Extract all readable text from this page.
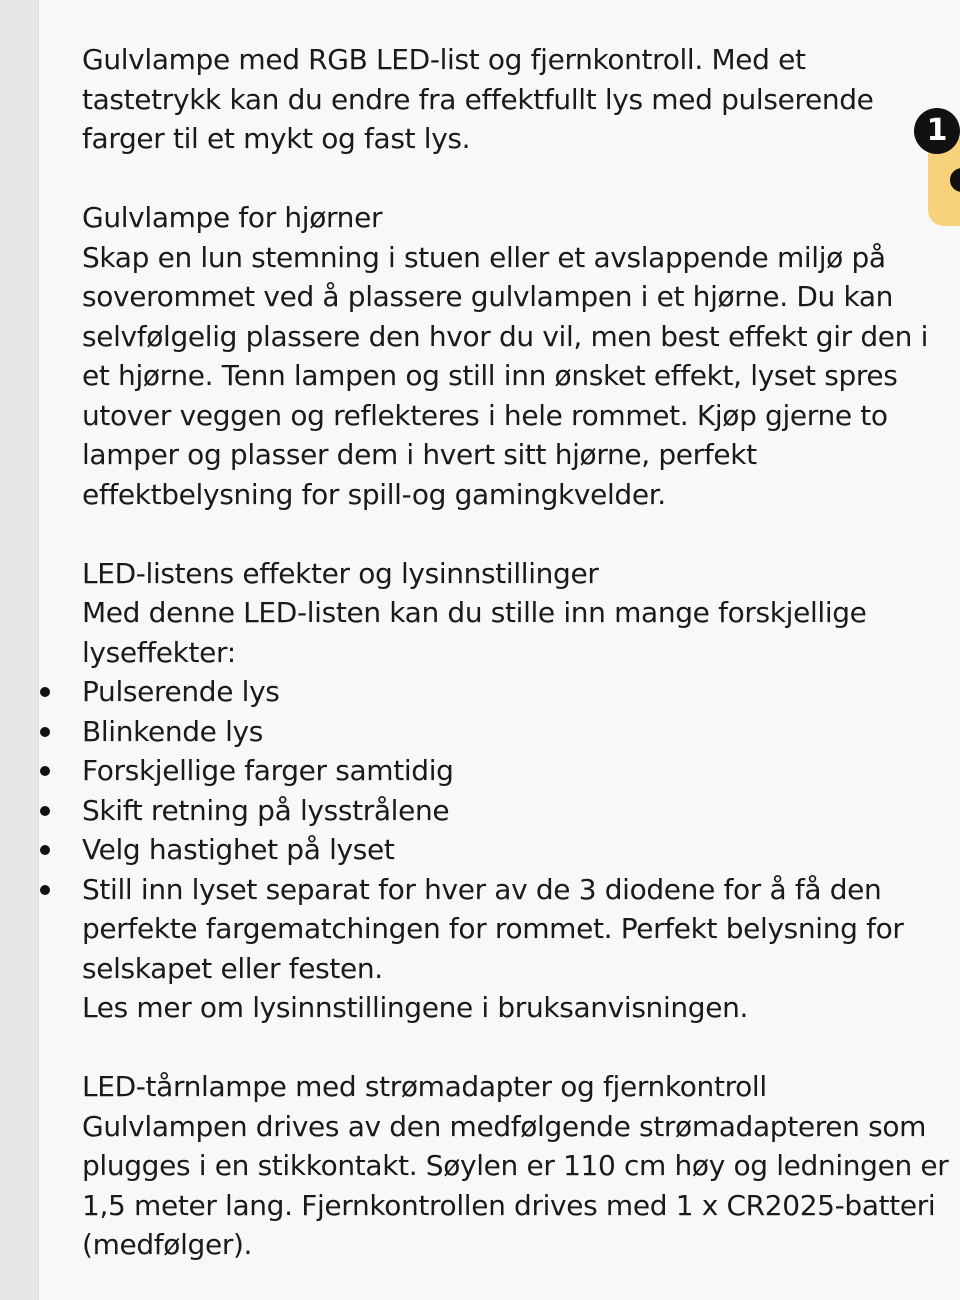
Gulvlampe med RGB LED-list og fjernkontroll. Med et tastetrykk kan du endre fra effektfullt lys med pulserende farger til et mykt og fast lys.

Gulvlampe for hjørner

Skap en lun stemning i stuen eller et avslappende miljø på soverommet ved å plassere gulvlampen i et hjørne. Du kan selvfølgelig plassere den hvor du vil, men best effekt gir den i et hjørne. Tenn lampen og still inn ønsket effekt, lyset spres utover veggen og reflekteres i hele rommet. Kjøp gjerne to lamper og plasser dem i hvert sitt hjørne, perfekt effektbelysning for spill-og gamingkvelder.

LED-listens effekter og lysinnstillinger

Med denne LED-listen kan du stille inn mange forskjellige lyseffekter:

Pulserende lys
Blinkende lys
Forskjellige farger samtidig
Skift retning på lysstrålene
Velg hastighet på lyset
Still inn lyset separat for hver av de 3 diodene for å få den perfekte fargematchingen for rommet. Perfekt belysning for selskapet eller festen.

Les mer om lysinnstillingene i bruksanvisningen.

LED-tårnlampe med strømadapter og fjernkontroll

Gulvlampen drives av den medfølgende strømadapteren som plugges i en stikkontakt. Søylen er 110 cm høy og ledningen er 1,5 meter lang. Fjernkontrollen drives med 1 x CR2025-batteri (medfølger).

1
